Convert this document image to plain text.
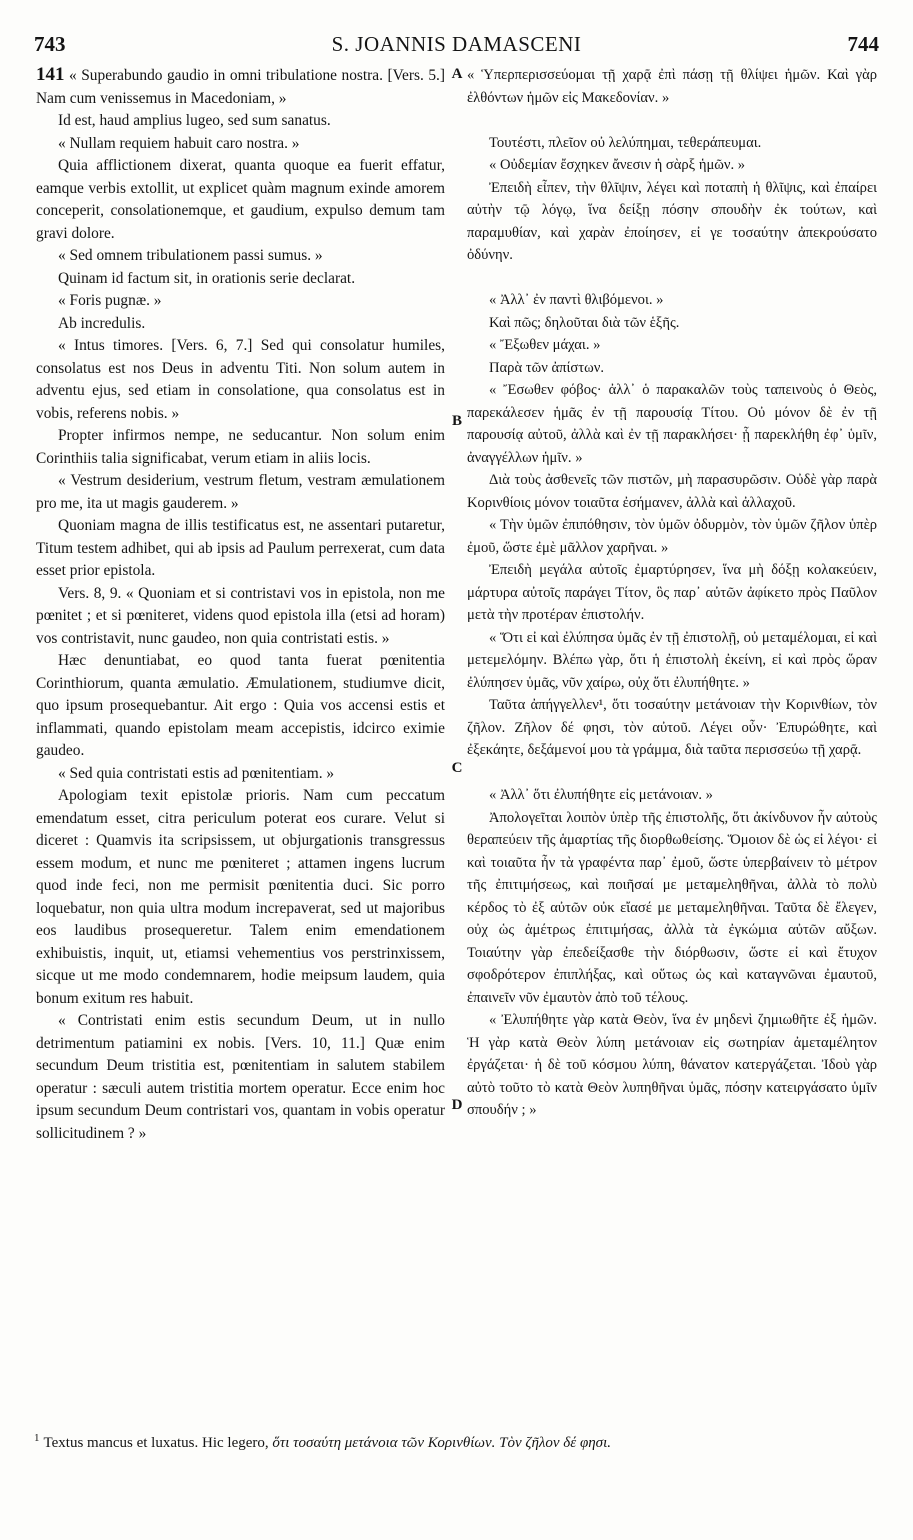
743	S. JOANNIS DAMASCENI	744

141 « Superabundo gaudio in omni tribulatione nostra. [Vers. 5.] Nam cum venissemus in Macedoniam, »

Id est, haud amplius lugeo, sed sum sanatus.

« Nullam requiem habuit caro nostra. »

Quia afflictionem dixerat, quanta quoque ea fuerit effatur, eamque verbis extollit, ut explicet quàm magnum exinde amorem conceperit, consolationemque, et gaudium, expulso demum tam gravi dolore.

« Sed omnem tribulationem passi sumus. »

Quinam id factum sit, in orationis serie declarat.

« Foris pugnæ. »

Ab incredulis.

« Intus timores. [Vers. 6, 7.] Sed qui consolatur humiles, consolatus est nos Deus in adventu Titi. Non solum autem in adventu ejus, sed etiam in consolatione, qua consolatus est in vobis, referens nobis. »

Propter infirmos nempe, ne seducantur. Non solum enim Corinthiis talia significabat, verum etiam in aliis locis.

« Vestrum desiderium, vestrum fletum, vestram æmulationem pro me, ita ut magis gauderem. »

Quoniam magna de illis testificatus est, ne assentari putaretur, Titum testem adhibet, qui ab ipsis ad Paulum perrexerat, cum data esset prior epistola.

Vers. 8, 9. « Quoniam et si contristavi vos in epistola, non me pœnitet ; et si pœniteret, videns quod epistola illa (etsi ad horam) vos contristavit, nunc gaudeo, non quia contristati estis. »

Hæc denuntiabat, eo quod tanta fuerat pœnitentia Corinthiorum, quanta æmulatio. Æmulationem, studiumve dicit, quo ipsum prosequebantur. Ait ergo : Quia vos accensi estis et inflammati, quando epistolam meam accepistis, idcirco eximie gaudeo.

« Sed quia contristati estis ad pœnitentiam. »

Apologiam texit epistolæ prioris. Nam cum peccatum emendatum esset, citra periculum poterat eos curare. Velut si diceret : Quamvis ita scripsissem, ut objurgationis transgressus essem modum, et nunc me pœniteret ; attamen ingens lucrum quod inde feci, non me permisit pœnitentia duci. Sic porro loquebatur, non quia ultra modum increpaverat, sed ut majoribus eos laudibus prosequeretur. Talem enim emendationem exhibuistis, inquit, ut, etiamsi vehementius vos perstrinxissem, sicque ut me modo condemnarem, hodie meipsum laudem, quia bonum exitum res habuit.

« Contristati enim estis secundum Deum, ut in nullo detrimentum patiamini ex nobis. [Vers. 10, 11.] Quæ enim secundum Deum tristitia est, pœnitentiam in salutem stabilem operatur : sæculi autem tristitia mortem operatur. Ecce enim hoc ipsum secundum Deum contristari vos, quantam in vobis operatur sollicitudinem ? »

A
B
C
D

« Ὑπερπερισσεύομαι τῇ χαρᾷ ἐπὶ πάσῃ τῇ θλίψει ἡμῶν. Καὶ γὰρ ἐλθόντων ἡμῶν εἰς Μακεδονίαν. »

Τουτέστι, πλεῖον οὐ λελύπημαι, τεθεράπευμαι.

« Οὐδεμίαν ἔσχηκεν ἄνεσιν ἡ σὰρξ ἡμῶν. »

Ἐπειδὴ εἶπεν, τὴν θλῖψιν, λέγει καὶ ποταπὴ ἡ θλῖψις, καὶ ἐπαίρει αὐτὴν τῷ λόγῳ, ἵνα δείξῃ πόσην σπουδὴν ἐκ τούτων, καὶ παραμυθίαν, καὶ χαρὰν ἐποίησεν, εἰ γε τοσαύτην ἀπεκρούσατο ὀδύνην.

« Ἀλλ᾽ ἐν παντὶ θλιβόμενοι. »

Καὶ πῶς; δηλοῦται διὰ τῶν ἑξῆς.

« Ἔξωθεν μάχαι. »

Παρὰ τῶν ἀπίστων.

« Ἔσωθεν φόβος· ἀλλ᾽ ὁ παρακαλῶν τοὺς ταπεινοὺς ὁ Θεὸς, παρεκάλεσεν ἡμᾶς ἐν τῇ παρουσίᾳ Τίτου. Οὐ μόνον δὲ ἐν τῇ παρουσίᾳ αὐτοῦ, ἀλλὰ καὶ ἐν τῇ παρακλήσει· ᾗ παρεκλήθη ἐφ᾽ ὑμῖν, ἀναγγέλλων ἡμῖν. »

Διὰ τοὺς ἀσθενεῖς τῶν πιστῶν, μὴ παρασυρῶσιν. Οὐδὲ γὰρ παρὰ Κορινθίοις μόνον τοιαῦτα ἐσήμανεν, ἀλλὰ καὶ ἀλλαχοῦ.

« Τὴν ὑμῶν ἐπιπόθησιν, τὸν ὑμῶν ὀδυρμὸν, τὸν ὑμῶν ζῆλον ὑπὲρ ἐμοῦ, ὥστε ἐμὲ μᾶλλον χαρῆναι. »

Ἐπειδὴ μεγάλα αὐτοῖς ἐμαρτύρησεν, ἵνα μὴ δόξῃ κολακεύειν, μάρτυρα αὐτοῖς παράγει Τίτον, ὃς παρ᾽ αὐτῶν ἀφίκετο πρὸς Παῦλον μετὰ τὴν προτέραν ἐπιστολήν.

« Ὅτι εἰ καὶ ἐλύπησα ὑμᾶς ἐν τῇ ἐπιστολῇ, οὐ μεταμέλομαι, εἰ καὶ μετεμελόμην. Βλέπω γὰρ, ὅτι ἡ ἐπιστολὴ ἐκείνη, εἰ καὶ πρὸς ὥραν ἐλύπησεν ὑμᾶς, νῦν χαίρω, οὐχ ὅτι ἐλυπήθητε. »

Ταῦτα ἀπήγγελλεν¹, ὅτι τοσαύτην μετάνοιαν τὴν Κορινθίων, τὸν ζῆλον. Ζῆλον δέ φησι, τὸν αὐτοῦ. Λέγει οὖν· Ἐπυρώθητε, καὶ ἐξεκάητε, δεξάμενοί μου τὰ γράμμα, διὰ ταῦτα περισσεύω τῇ χαρᾷ.

« Ἀλλ᾽ ὅτι ἐλυπήθητε εἰς μετάνοιαν. »

Ἀπολογεῖται λοιπὸν ὑπὲρ τῆς ἐπιστολῆς, ὅτι ἀκίνδυνον ἦν αὐτοὺς θεραπεύειν τῆς ἁμαρτίας τῆς διορθωθείσης. Ὅμοιον δὲ ὡς εἰ λέγοι· εἰ καὶ τοιαῦτα ἦν τὰ γραφέντα παρ᾽ ἐμοῦ, ὥστε ὑπερβαίνειν τὸ μέτρον τῆς ἐπιτιμήσεως, καὶ ποιῆσαί με μεταμεληθῆναι, ἀλλὰ τὸ πολὺ κέρδος τὸ ἐξ αὐτῶν οὐκ εἴασέ με μεταμεληθῆναι. Ταῦτα δὲ ἔλεγεν, οὐχ ὡς ἀμέτρως ἐπιτιμήσας, ἀλλὰ τὰ ἐγκώμια αὐτῶν αὔξων. Τοιαύτην γὰρ ἐπεδείξασθε τὴν διόρθωσιν, ὥστε εἰ καὶ ἔτυχον σφοδρότερον ἐπιπλήξας, καὶ οὕτως ὡς καὶ καταγνῶναι ἐμαυτοῦ, ἐπαινεῖν νῦν ἐμαυτὸν ἀπὸ τοῦ τέλους.

« Ἐλυπήθητε γὰρ κατὰ Θεὸν, ἵνα ἐν μηδενὶ ζημιωθῆτε ἐξ ἡμῶν. Ἡ γὰρ κατὰ Θεὸν λύπη μετάνοιαν εἰς σωτηρίαν ἀμεταμέλητον ἐργάζεται· ἡ δὲ τοῦ κόσμου λύπη, θάνατον κατεργάζεται. Ἰδοὺ γὰρ αὐτὸ τοῦτο τὸ κατὰ Θεὸν λυπηθῆναι ὑμᾶς, πόσην κατειργάσατο ὑμῖν σπουδήν ; »

$^1$ Textus mancus et luxatus. Hic legero, ὅτι τοσαύτη μετάνοια τῶν Κορινθίων. Τὸν ζῆλον δέ φησι.
